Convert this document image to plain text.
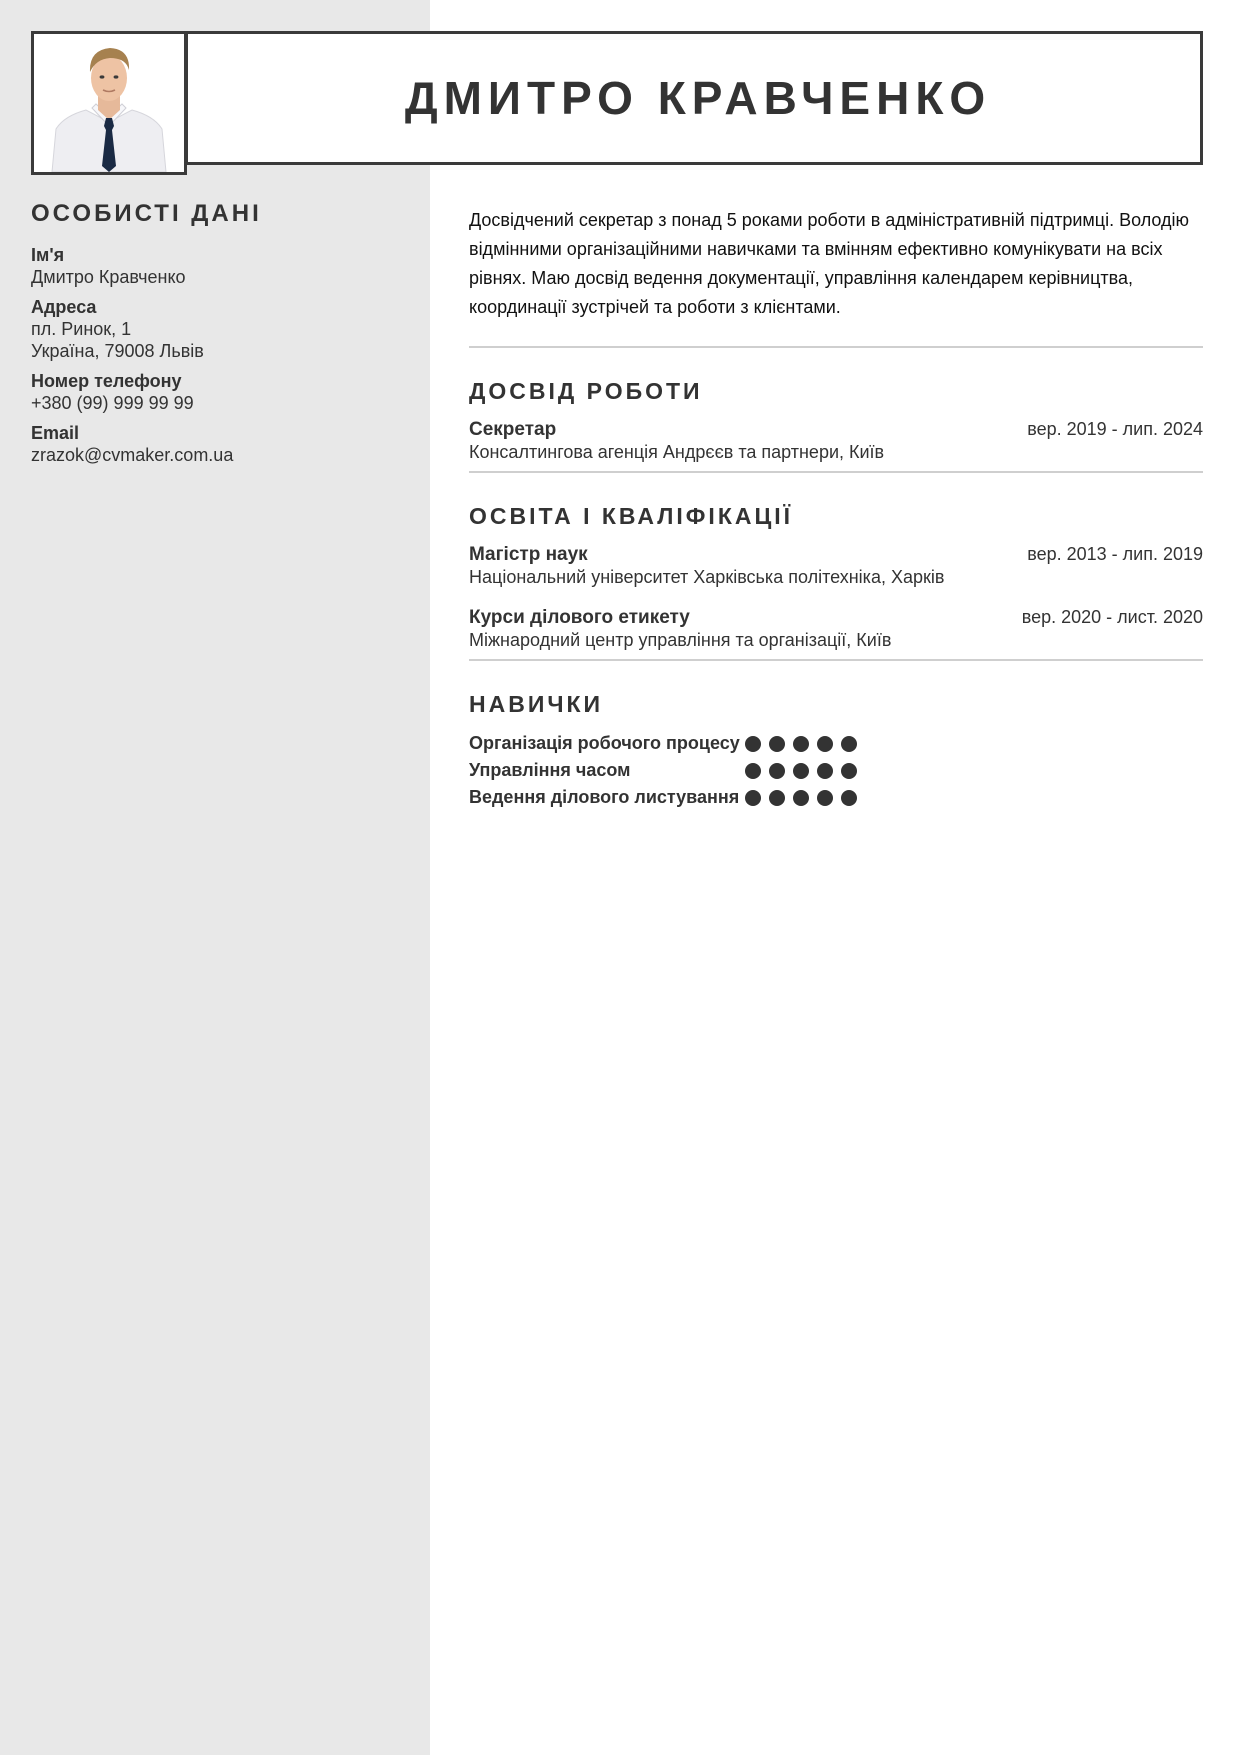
ДМИТРО КРАВЧЕНКО
ОСОБИСТІ ДАНІ
Ім'я
Дмитро Кравченко
Адреса
пл. Ринок, 1
Україна, 79008 Львів
Номер телефону
+380 (99) 999 99 99
Email
zrazok@cvmaker.com.ua

Досвідчений секретар з понад 5 роками роботи в адміністративній підтримці. Володію відмінними організаційними навичками та вмінням ефективно комунікувати на всіх рівнях. Маю досвід ведення документації, управління календарем керівництва, координації зустрічей та роботи з клієнтами.

ДОСВІД РОБОТИ
Секретар	вер. 2019 - лип. 2024
Консалтингова агенція Андрєєв та партнери, Київ
ОСВІТА І КВАЛІФІКАЦІЇ
Магістр наук	вер. 2013 - лип. 2019
Національний університет Харківська політехніка, Харків
Курси ділового етикету	вер. 2020 - лист. 2020
Міжнародний центр управління та організації, Київ
НАВИЧКИ
Організація робочого процесу
Управління часом
Ведення ділового листування
